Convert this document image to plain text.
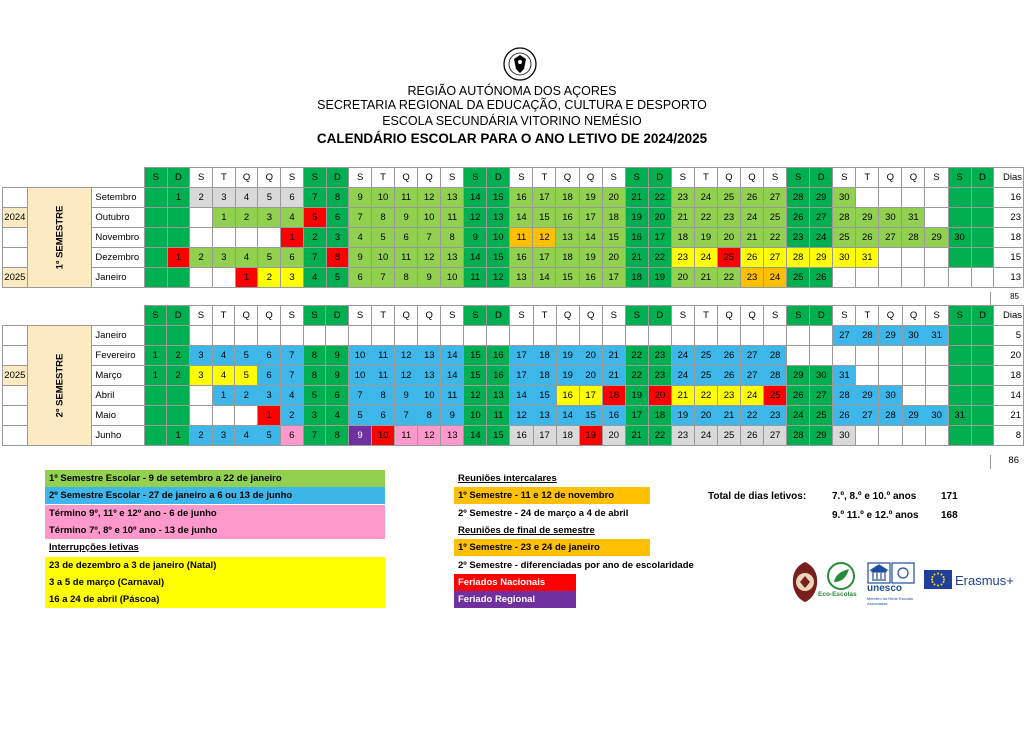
REGIÃO AUTÓNOMA DOS AÇORES
SECRETARIA REGIONAL DA EDUCAÇÃO, CULTURA E DESPORTO
ESCOLA SECUNDÁRIA VITORINO NEMÉSIO
CALENDÁRIO ESCOLAR PARA O ANO LETIVO DE 2024/2025
			S	D	S	T	Q	Q	S	S	D	S	T	Q	Q	S	S	D	S	T	Q	Q	S	S	D	S	T	Q	Q	S	S	D	S	T	Q	Q	S	S	D	Dias
	1º SEMESTRE	Setembro		1	2	3	4	5	6	7	8	9	10	11	12	13	14	15	16	17	18	19	20	21	22	23	24	25	26	27	28	29	30							16
2024		Outubro				1	2	3	4	5	6	7	8	9	10	11	12	13	14	15	16	17	18	19	20	21	22	23	24	25	26	27	28	29	30	31				23
		Novembro							1	2	3	4	5	6	7	8	9	10	11	12	13	14	15	16	17	18	19	20	21	22	23	24	25	26	27	28	29	30		18
		Dezembro		1	2	3	4	5	6	7	8	9	10	11	12	13	14	15	16	17	18	19	20	21	22	23	24	25	26	27	28	29	30	31						15
2025		Janeiro					1	2	3	4	5	6	7	8	9	10	11	12	13	14	15	16	17	18	19	20	21	22	23	24	25	26								13
85
			S	D	S	T	Q	Q	S	S	D	S	T	Q	Q	S	S	D	S	T	Q	Q	S	S	D	S	T	Q	Q	S	S	D	S	T	Q	Q	S	S	D	Dias
	2º SEMESTRE	Janeiro																															27	28	29	30	31			5
		Fevereiro	1	2	3	4	5	6	7	8	9	10	11	12	13	14	15	16	17	18	19	20	21	22	23	24	25	26	27	28										20
2025		Março	1	2	3	4	5	6	7	8	9	10	11	12	13	14	15	16	17	18	19	20	21	22	23	24	25	26	27	28	29	30	31							18
		Abril				1	2	3	4	5	6	7	8	9	10	11	12	13	14	15	16	17	18	19	20	21	22	23	24	25	26	27	28	29	30					14
		Maio						1	2	3	4	5	6	7	8	9	10	11	12	13	14	15	16	17	18	19	20	21	22	23	24	25	26	27	28	29	30	31		21
		Junho		1	2	3	4	5	6	7	8	9	10	11	12	13	14	15	16	17	18	19	20	21	22	23	24	25	26	27	28	29	30							8
86
1º Semestre Escolar - 9 de setembro a 22 de janeiro
2º Semestre Escolar - 27 de janeiro a 6 ou 13 de junho
Término 9º, 11º e 12º ano - 6 de junho
Término 7º, 8º e 10º ano - 13 de junho
Interrupções letivas
23 de dezembro a 3 de janeiro (Natal)
3 a 5 de março (Carnaval)
16 a 24 de abril (Páscoa)
Reuniões intercalares
1º Semestre - 11 e 12 de novembro
2º Semestre - 24 de março a 4 de abril
Reuniões de final de semestre
1º Semestre - 23 e 24 de janeiro
2º Semestre - diferenciadas por ano de escolaridade
Feriados Nacionais
Feriado Regional
Total de dias letivos:	7.º, 8.º e 10.º anos 171
9.º 11.º e 12.º anos 168
Eco-Escolas
unesco
Membro da Rede Escolas Associadas
Erasmus+
